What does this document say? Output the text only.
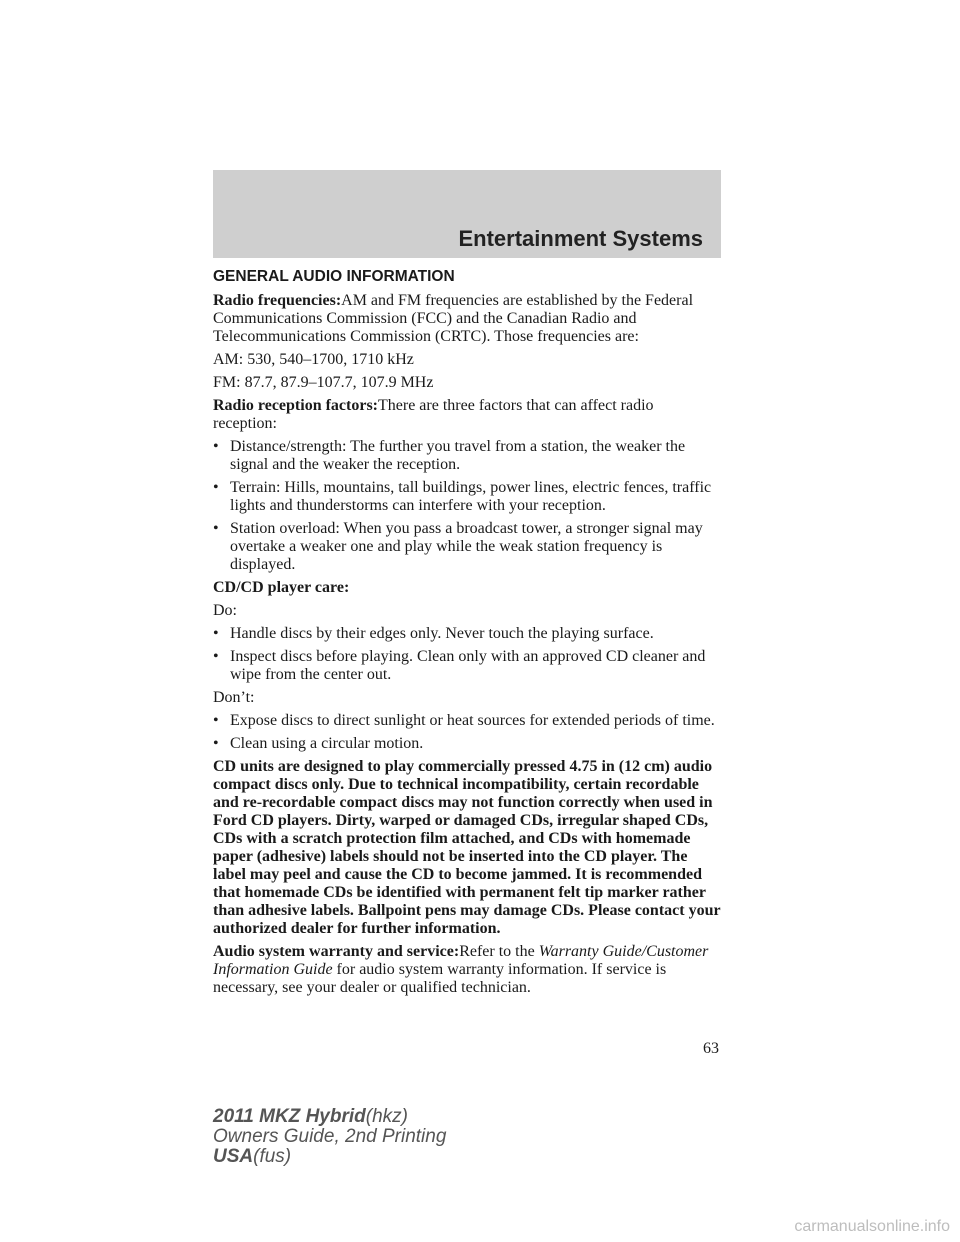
Entertainment Systems

GENERAL AUDIO INFORMATION

Radio frequencies:AM and FM frequencies are established by the Federal Communications Commission (FCC) and the Canadian Radio and Telecommunications Commission (CRTC). Those frequencies are:

AM: 530, 540–1700, 1710 kHz

FM: 87.7, 87.9–107.7, 107.9 MHz

Radio reception factors:There are three factors that can affect radio reception:

• Distance/strength: The further you travel from a station, the weaker the signal and the weaker the reception.
• Terrain: Hills, mountains, tall buildings, power lines, electric fences, traffic lights and thunderstorms can interfere with your reception.
• Station overload: When you pass a broadcast tower, a stronger signal may overtake a weaker one and play while the weak station frequency is displayed.

CD/CD player care:

Do:

• Handle discs by their edges only. Never touch the playing surface.
• Inspect discs before playing. Clean only with an approved CD cleaner and wipe from the center out.

Don’t:

• Expose discs to direct sunlight or heat sources for extended periods of time.
• Clean using a circular motion.

CD units are designed to play commercially pressed 4.75 in (12 cm) audio compact discs only. Due to technical incompatibility, certain recordable and re-recordable compact discs may not function correctly when used in Ford CD players. Dirty, warped or damaged CDs, irregular shaped CDs, CDs with a scratch protection film attached, and CDs with homemade paper (adhesive) labels should not be inserted into the CD player. The label may peel and cause the CD to become jammed. It is recommended that homemade CDs be identified with permanent felt tip marker rather than adhesive labels. Ballpoint pens may damage CDs. Please contact your authorized dealer for further information.

Audio system warranty and service:Refer to the Warranty Guide/Customer Information Guide for audio system warranty information. If service is necessary, see your dealer or qualified technician.

63
2011 MKZ Hybrid(hkz)
Owners Guide, 2nd Printing
USA(fus)
carmanualsonline.info
